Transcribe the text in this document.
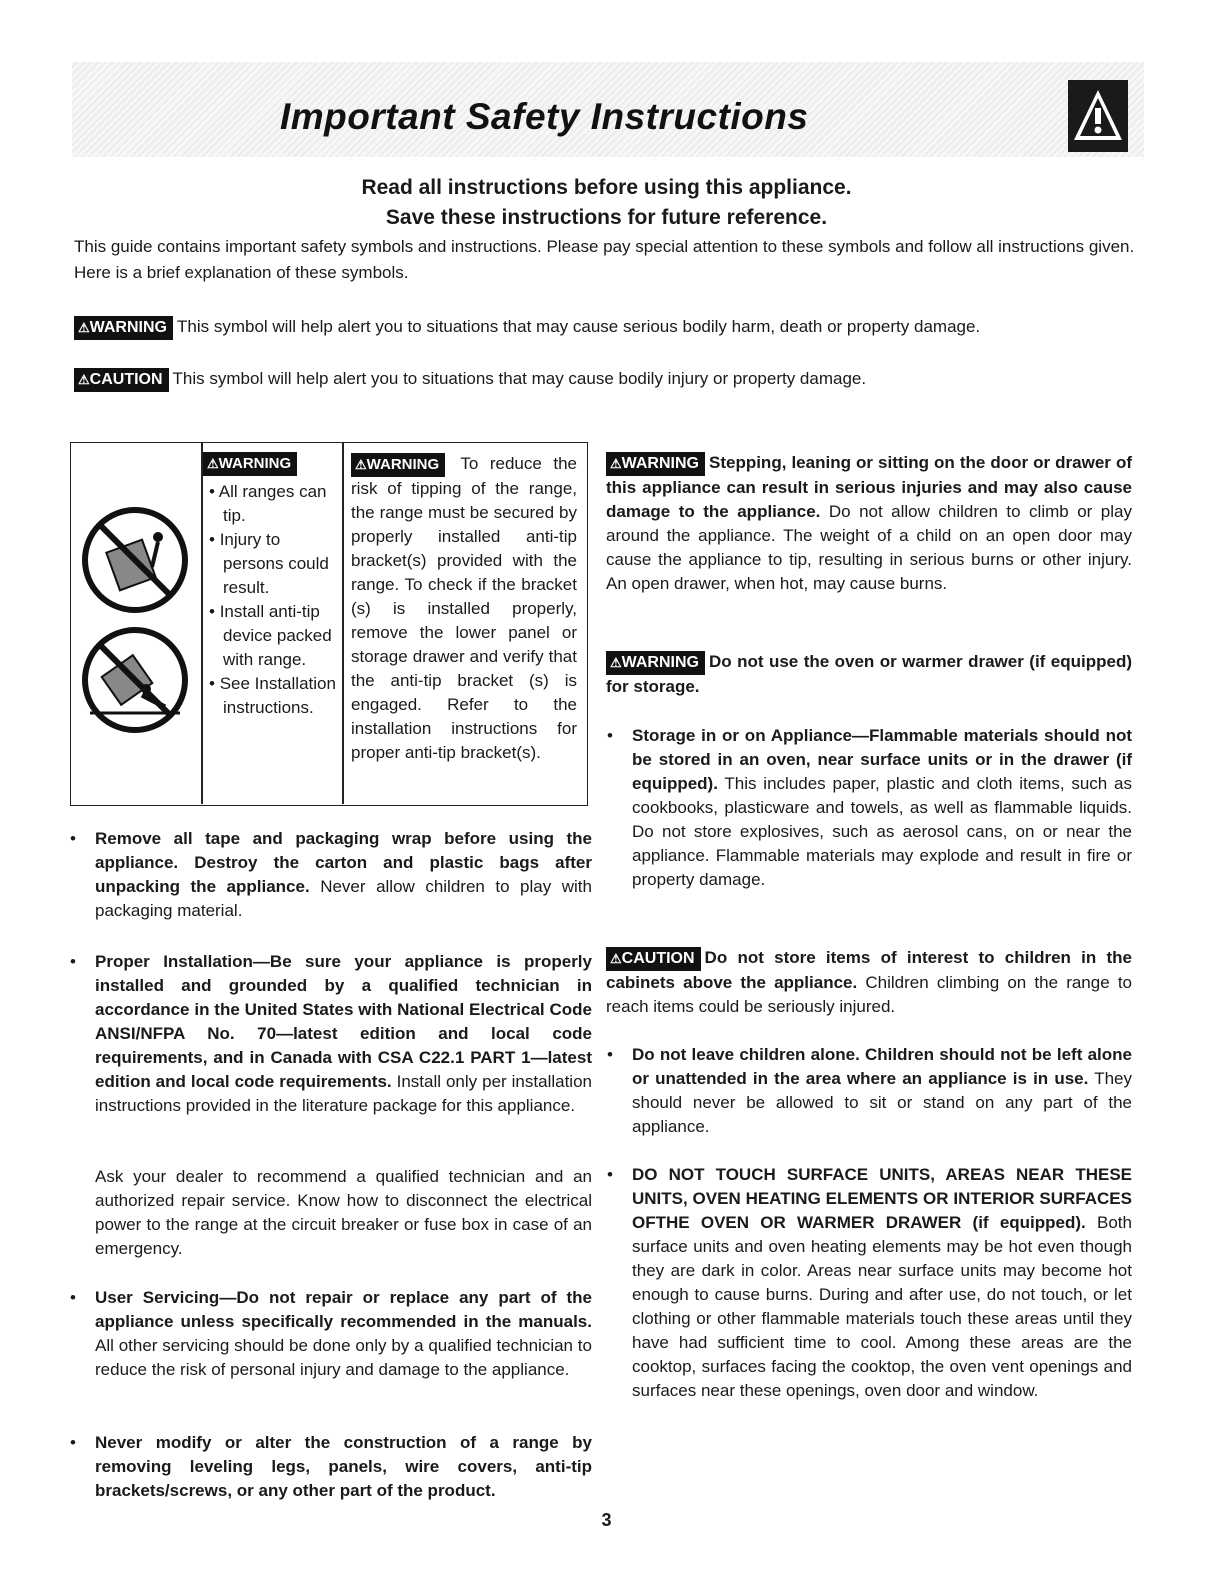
Important Safety Instructions
Read all instructions before using this appliance.
Save these instructions for future reference.
This guide contains important safety symbols and instructions. Please pay special attention to these symbols and follow all instructions given. Here is a brief explanation of these symbols.
⚠WARNING This symbol will help alert you to situations that may cause serious bodily harm, death or property damage.
⚠CAUTION This symbol will help alert you to situations that may cause bodily injury or property damage.
⚠WARNING
• All ranges can tip.
• Injury to persons could result.
• Install anti-tip device packed with range.
• See Installation instructions.
⚠WARNING To reduce the risk of tipping of the range, the range must be secured by properly installed anti-tip bracket(s) provided with the range. To check if the bracket (s) is installed properly, remove the lower panel or storage drawer and verify that the anti-tip bracket (s) is engaged. Refer to the installation instructions for proper anti-tip bracket(s).
• Remove all tape and packaging wrap before using the appliance. Destroy the carton and plastic bags after unpacking the appliance. Never allow children to play with packaging material.
• Proper Installation—Be sure your appliance is properly installed and grounded by a qualified technician in accordance in the United States with National Electrical Code ANSI/NFPA No. 70—latest edition and local code requirements, and in Canada with CSA C22.1 PART 1—latest edition and local code requirements. Install only per installation instructions provided in the literature package for this appliance.
Ask your dealer to recommend a qualified technician and an authorized repair service. Know how to disconnect the electrical power to the range at the circuit breaker or fuse box in case of an emergency.
• User Servicing—Do not repair or replace any part of the appliance unless specifically recommended in the manuals. All other servicing should be done only by a qualified technician to reduce the risk of personal injury and damage to the appliance.
• Never modify or alter the construction of a range by removing leveling legs, panels, wire covers, anti-tip brackets/screws, or any other part of the product.
⚠WARNING Stepping, leaning or sitting on the door or drawer of this appliance can result in serious injuries and may also cause damage to the appliance. Do not allow children to climb or play around the appliance. The weight of a child on an open door may cause the appliance to tip, resulting in serious burns or other injury. An open drawer, when hot, may cause burns.
⚠WARNING Do not use the oven or warmer drawer (if equipped) for storage.
• Storage in or on Appliance—Flammable materials should not be stored in an oven, near surface units or in the drawer (if equipped). This includes paper, plastic and cloth items, such as cookbooks, plasticware and towels, as well as flammable liquids. Do not store explosives, such as aerosol cans, on or near the appliance. Flammable materials may explode and result in fire or property damage.
⚠CAUTION Do not store items of interest to children in the cabinets above the appliance. Children climbing on the range to reach items could be seriously injured.
• Do not leave children alone. Children should not be left alone or unattended in the area where an appliance is in use. They should never be allowed to sit or stand on any part of the appliance.
• DO NOT TOUCH SURFACE UNITS, AREAS NEAR THESE UNITS, OVEN HEATING ELEMENTS OR INTERIOR SURFACES OFTHE OVEN OR WARMER DRAWER (if equipped). Both surface units and oven heating elements may be hot even though they are dark in color. Areas near surface units may become hot enough to cause burns. During and after use, do not touch, or let clothing or other flammable materials touch these areas until they have had sufficient time to cool. Among these areas are the cooktop, surfaces facing the cooktop, the oven vent openings and surfaces near these openings, oven door and window.
3
